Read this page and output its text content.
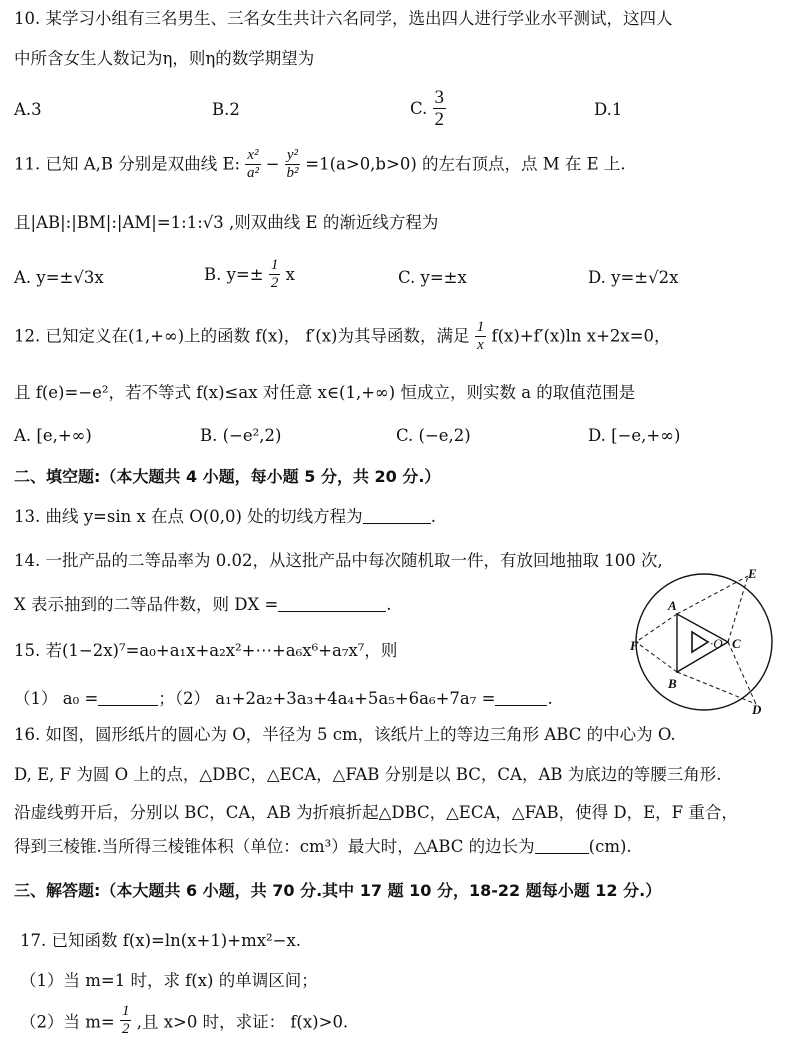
10. 某学习小组有三名男生、三名女生共计六名同学，选出四人进行学业水平测试，这四人
中所含女生人数记为η，则η的数学期望为
A.3	B.2	C. $\frac{3}{2}$	D.1
11. 已知 A,B 分别是双曲线 E: $\frac{\text{x²}}{\text{a²}} - \frac{\text{y²}}{\text{b²}} =1(a>0,b>0)$ 的左右顶点，点 M 在 E 上.
且|AB|:|BM|:|AM|=1:1:√3 ,则双曲线 E 的渐近线方程为
A. y=±√3x	B. $y=\pm \frac{1}{2}$ x	C. y=±x	D. y=±√2x
12. 已知定义在(1,+∞)上的函数 f(x)， f′(x)为其导函数，满足 $\frac{1}{x} f(x)+f'(x)\ln$ x+2x=0，
且 f(e)=−e²，若不等式 f(x)≤ax 对任意 x∈(1,+∞) 恒成立，则实数 a 的取值范围是
A. [e,+∞)	B. (−e²,2)	C. (−e,2)	D. [−e,+∞)
二、填空题:（本大题共 4 小题，每小题 5 分，共 20 分.）
13. 曲线 y=sin x 在点 O(0,0) 处的切线方程为	.
14. 一批产品的二等品率为 0.02，从这批产品中每次随机取一件，有放回地抽取 100 次,
X 表示抽到的二等品件数，则 DX =	.
15. 若(1−2x)⁷=a₀+a₁x+a₂x²+⋯+a₆x⁶+a₇x⁷，则
（1） a₀ =	；（2） a₁+2a₂+3a₃+4a₄+5a₅+6a₆+7a₇ =	.
A
B
C
D
E
F	·O
16. 如图，圆形纸片的圆心为 O，半径为 5 cm，该纸片上的等边三角形 ABC 的中心为 O.
D, E, F 为圆 O 上的点，△DBC，△ECA，△FAB 分别是以 BC，CA，AB 为底边的等腰三角形.
沿虚线剪开后，分别以 BC，CA，AB 为折痕折起△DBC，△ECA，△FAB，使得 D，E，F 重合，
得到三棱锥.当所得三棱锥体积（单位：cm³）最大时，△ABC 的边长为	(cm).
三、解答题:（本大题共 6 小题，共 70 分.其中 17 题 10 分，18-22 题每小题 12 分.）
17. 已知函数 f(x)=ln(x+1)+mx²−x.
（1）当 m=1 时，求 f(x) 的单调区间；
（2）当 $m= \frac{1}{2}$ ,且 x>0 时，求证： f(x)>0.
